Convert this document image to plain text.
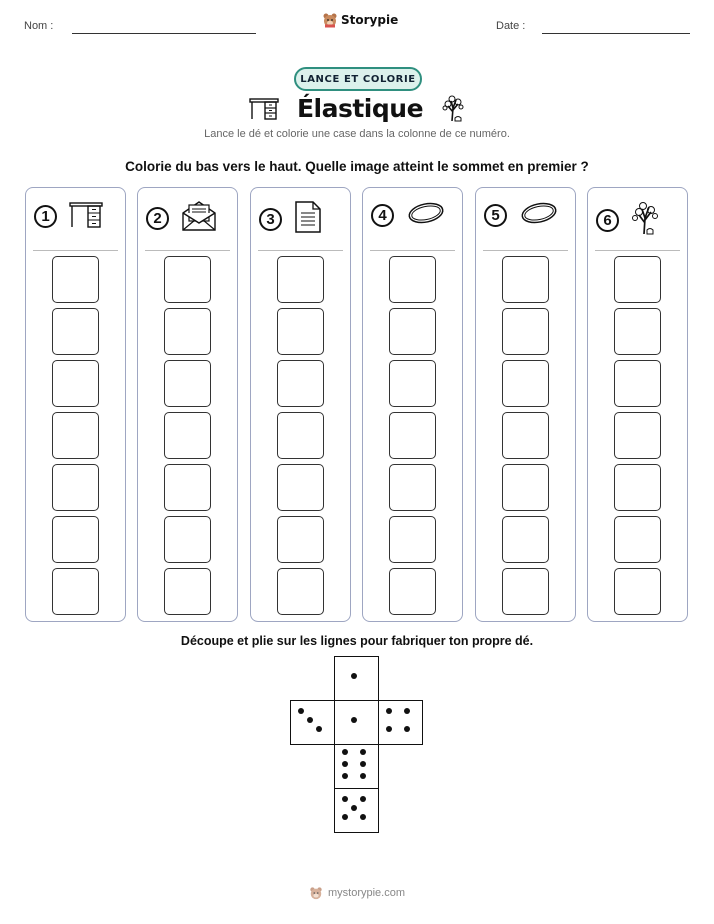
Nom :	Storypie	Date :
LANCE ET COLORIE
Élastique
Lance le dé et colorie une case dans la colonne de ce numéro.
Colorie du bas vers le haut. Quelle image atteint le sommet en premier ?
1	2	3	4	5	6
Découpe et plie sur les lignes pour fabriquer ton propre dé.
mystorypie.com
